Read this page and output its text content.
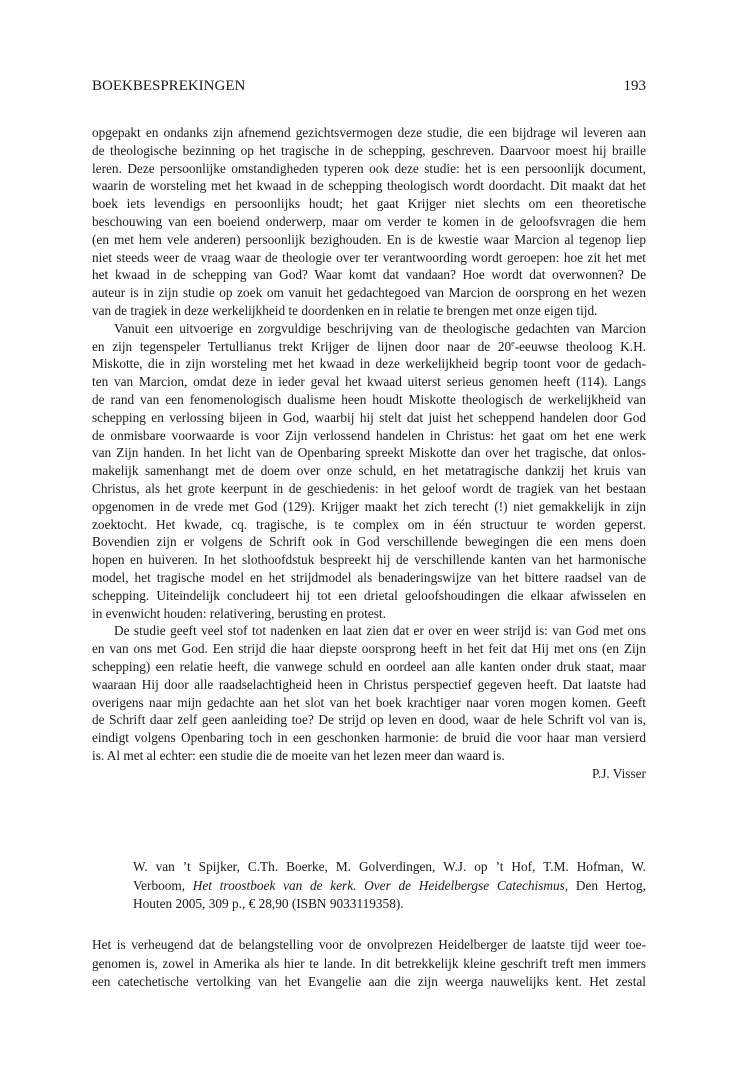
BOEKBESPREKINGEN	193
opgepakt en ondanks zijn afnemend gezichtsvermogen deze studie, die een bijdrage wil leveren aan
de theologische bezinning op het tragische in de schepping, geschreven. Daarvoor moest hij braille
leren. Deze persoonlijke omstandigheden typeren ook deze studie: het is een persoonlijk document,
waarin de worsteling met het kwaad in de schepping theologisch wordt doordacht. Dit maakt dat het
boek iets levendigs en persoonlijks houdt; het gaat Krijger niet slechts om een theoretische
beschouwing van een boeiend onderwerp, maar om verder te komen in de geloofsvragen die hem
(en met hem vele anderen) persoonlijk bezighouden. En is de kwestie waar Marcion al tegenop liep
niet steeds weer de vraag waar de theologie over ter verantwoording wordt geroepen: hoe zit het met
het kwaad in de schepping van God? Waar komt dat vandaan? Hoe wordt dat overwonnen? De
auteur is in zijn studie op zoek om vanuit het gedachtegoed van Marcion de oorsprong en het wezen
van de tragiek in deze werkelijkheid te doordenken en in relatie te brengen met onze eigen tijd.
Vanuit een uitvoerige en zorgvuldige beschrijving van de theologische gedachten van Marcion
en zijn tegenspeler Tertullianus trekt Krijger de lijnen door naar de 20e-eeuwse theoloog K.H.
Miskotte, die in zijn worsteling met het kwaad in deze werkelijkheid begrip toont voor de gedach-
ten van Marcion, omdat deze in ieder geval het kwaad uiterst serieus genomen heeft (114). Langs
de rand van een fenomenologisch dualisme heen houdt Miskotte theologisch de werkelijkheid van
schepping en verlossing bijeen in God, waarbij hij stelt dat juist het scheppend handelen door God
de onmisbare voorwaarde is voor Zijn verlossend handelen in Christus: het gaat om het ene werk
van Zijn handen. In het licht van de Openbaring spreekt Miskotte dan over het tragische, dat onlos-
makelijk samenhangt met de doem over onze schuld, en het metatragische dankzij het kruis van
Christus, als het grote keerpunt in de geschiedenis: in het geloof wordt de tragiek van het bestaan
opgenomen in de vrede met God (129). Krijger maakt het zich terecht (!) niet gemakkelijk in zijn
zoektocht. Het kwade, cq. tragische, is te complex om in één structuur te worden geperst.
Bovendien zijn er volgens de Schrift ook in God verschillende bewegingen die een mens doen
hopen en huiveren. In het slothoofdstuk bespreekt hij de verschillende kanten van het harmonische
model, het tragische model en het strijdmodel als benaderingswijze van het bittere raadsel van de
schepping. Uiteindelijk concludeert hij tot een drietal geloofshoudingen die elkaar afwisselen en
in evenwicht houden: relativering, berusting en protest.
De studie geeft veel stof tot nadenken en laat zien dat er over en weer strijd is: van God met ons
en van ons met God. Een strijd die haar diepste oorsprong heeft in het feit dat Hij met ons (en Zijn
schepping) een relatie heeft, die vanwege schuld en oordeel aan alle kanten onder druk staat, maar
waaraan Hij door alle raadselachtigheid heen in Christus perspectief gegeven heeft. Dat laatste had
overigens naar mijn gedachte aan het slot van het boek krachtiger naar voren mogen komen. Geeft
de Schrift daar zelf geen aanleiding toe? De strijd op leven en dood, waar de hele Schrift vol van is,
eindigt volgens Openbaring toch in een geschonken harmonie: de bruid die voor haar man versierd
is. Al met al echter: een studie die de moeite van het lezen meer dan waard is.
P.J. Visser
W. van ’t Spijker, C.Th. Boerke, M. Golverdingen, W.J. op ’t Hof, T.M. Hofman, W.
Verboom, Het troostboek van de kerk. Over de Heidelbergse Catechismus, Den Hertog,
Houten 2005, 309 p., € 28,90 (ISBN 9033119358).
Het is verheugend dat de belangstelling voor de onvolprezen Heidelberger de laatste tijd weer toe-
genomen is, zowel in Amerika als hier te lande. In dit betrekkelijk kleine geschrift treft men immers
een catechetische vertolking van het Evangelie aan die zijn weerga nauwelijks kent. Het zestal
